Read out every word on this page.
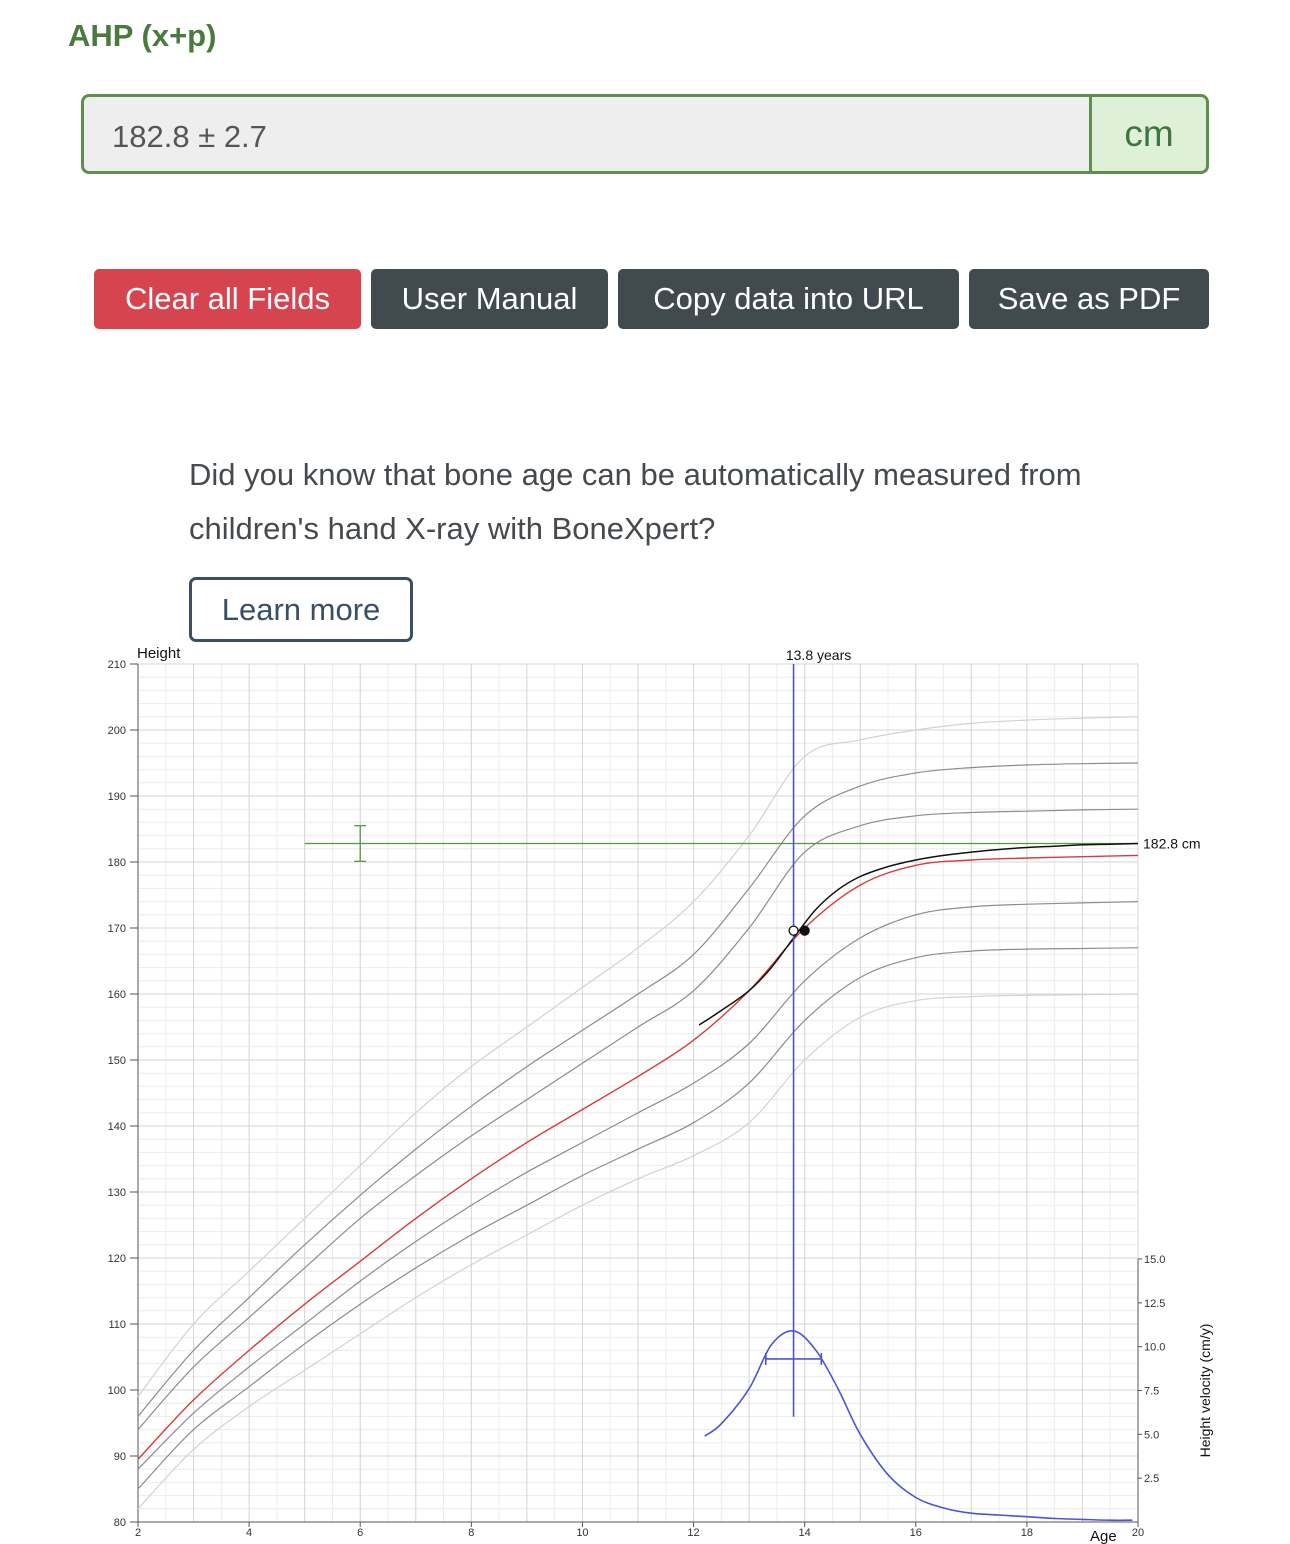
AHP (x+p)
182.8 ± 2.7	cm
Clear all Fields	User Manual	Copy data into URL	Save as PDF

Did you know that bone age can be automatically measured from children's hand X-ray with BoneXpert?

Learn more
80
90
100
110
120
130
140
150
160
170
180
190
200
210
2	4	6	8	10	12	14	16	18	20
2.5
5.0
7.5
10.0
12.5
15.0
Height
Age
Height velocity (cm/y)
182.8 cm
13.8 years
